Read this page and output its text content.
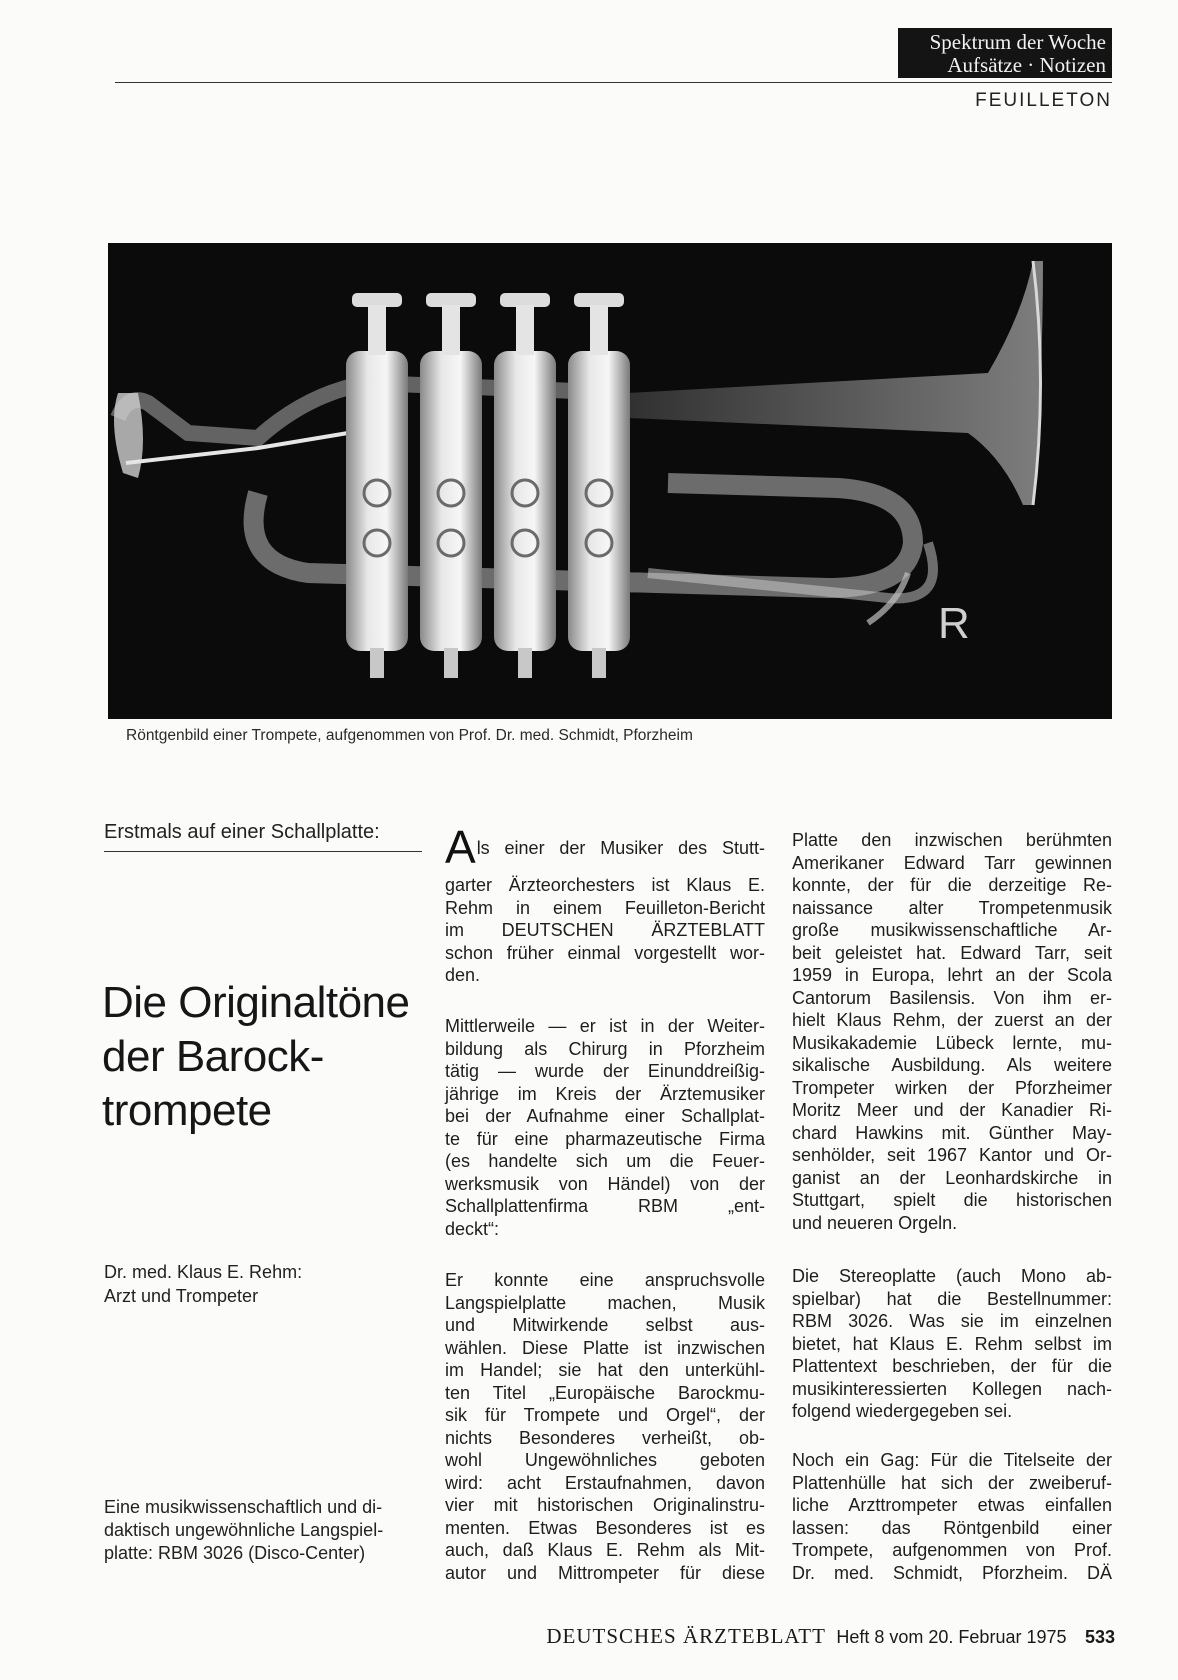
Spektrum der Woche
Aufsätze · Notizen
FEUILLETON
R
Röntgenbild einer Trompete, aufgenommen von Prof. Dr. med. Schmidt, Pforzheim
Erstmals auf einer Schallplatte:
Die Originaltöne
der Barock-
trompete
Dr. med. Klaus E. Rehm:
Arzt und Trompeter
Eine musikwissenschaftlich und di-
daktisch ungewöhnliche Langspiel-
platte: RBM 3026 (Disco-Center)
A ls einer der Musiker des Stutt-
garter Ärzteorchesters ist Klaus E.
Rehm in einem Feuilleton-Bericht
im DEUTSCHEN ÄRZTEBLATT
schon früher einmal vorgestellt wor-
den.
Mittlerweile — er ist in der Weiter-
bildung als Chirurg in Pforzheim
tätig — wurde der Einunddreißig-
jährige im Kreis der Ärztemusiker
bei der Aufnahme einer Schallplat-
te für eine pharmazeutische Firma
(es handelte sich um die Feuer-
werksmusik von Händel) von der
Schallplattenfirma RBM „ent-
deckt“:
Er konnte eine anspruchsvolle
Langspielplatte machen, Musik
und Mitwirkende selbst aus-
wählen. Diese Platte ist inzwischen
im Handel; sie hat den unterkühl-
ten Titel „Europäische Barockmu-
sik für Trompete und Orgel“, der
nichts Besonderes verheißt, ob-
wohl Ungewöhnliches geboten
wird: acht Erstaufnahmen, davon
vier mit historischen Originalinstru-
menten. Etwas Besonderes ist es
auch, daß Klaus E. Rehm als Mit-
autor und Mittrompeter für diese
Platte den inzwischen berühmten
Amerikaner Edward Tarr gewinnen
konnte, der für die derzeitige Re-
naissance alter Trompetenmusik
große musikwissenschaftliche Ar-
beit geleistet hat. Edward Tarr, seit
1959 in Europa, lehrt an der Scola
Cantorum Basilensis. Von ihm er-
hielt Klaus Rehm, der zuerst an der
Musikakademie Lübeck lernte, mu-
sikalische Ausbildung. Als weitere
Trompeter wirken der Pforzheimer
Moritz Meer und der Kanadier Ri-
chard Hawkins mit. Günther May-
senhölder, seit 1967 Kantor und Or-
ganist an der Leonhardskirche in
Stuttgart, spielt die historischen
und neueren Orgeln.
Die Stereoplatte (auch Mono ab-
spielbar) hat die Bestellnummer:
RBM 3026. Was sie im einzelnen
bietet, hat Klaus E. Rehm selbst im
Plattentext beschrieben, der für die
musikinteressierten Kollegen nach-
folgend wiedergegeben sei.
Noch ein Gag: Für die Titelseite der
Plattenhülle hat sich der zweiberuf-
liche Arzttrompeter etwas einfallen
lassen: das Röntgenbild einer
Trompete, aufgenommen von Prof.
Dr. med. Schmidt, Pforzheim. DÄ
DEUTSCHES ÄRZTEBLATT Heft 8 vom 20. Februar 1975 533
